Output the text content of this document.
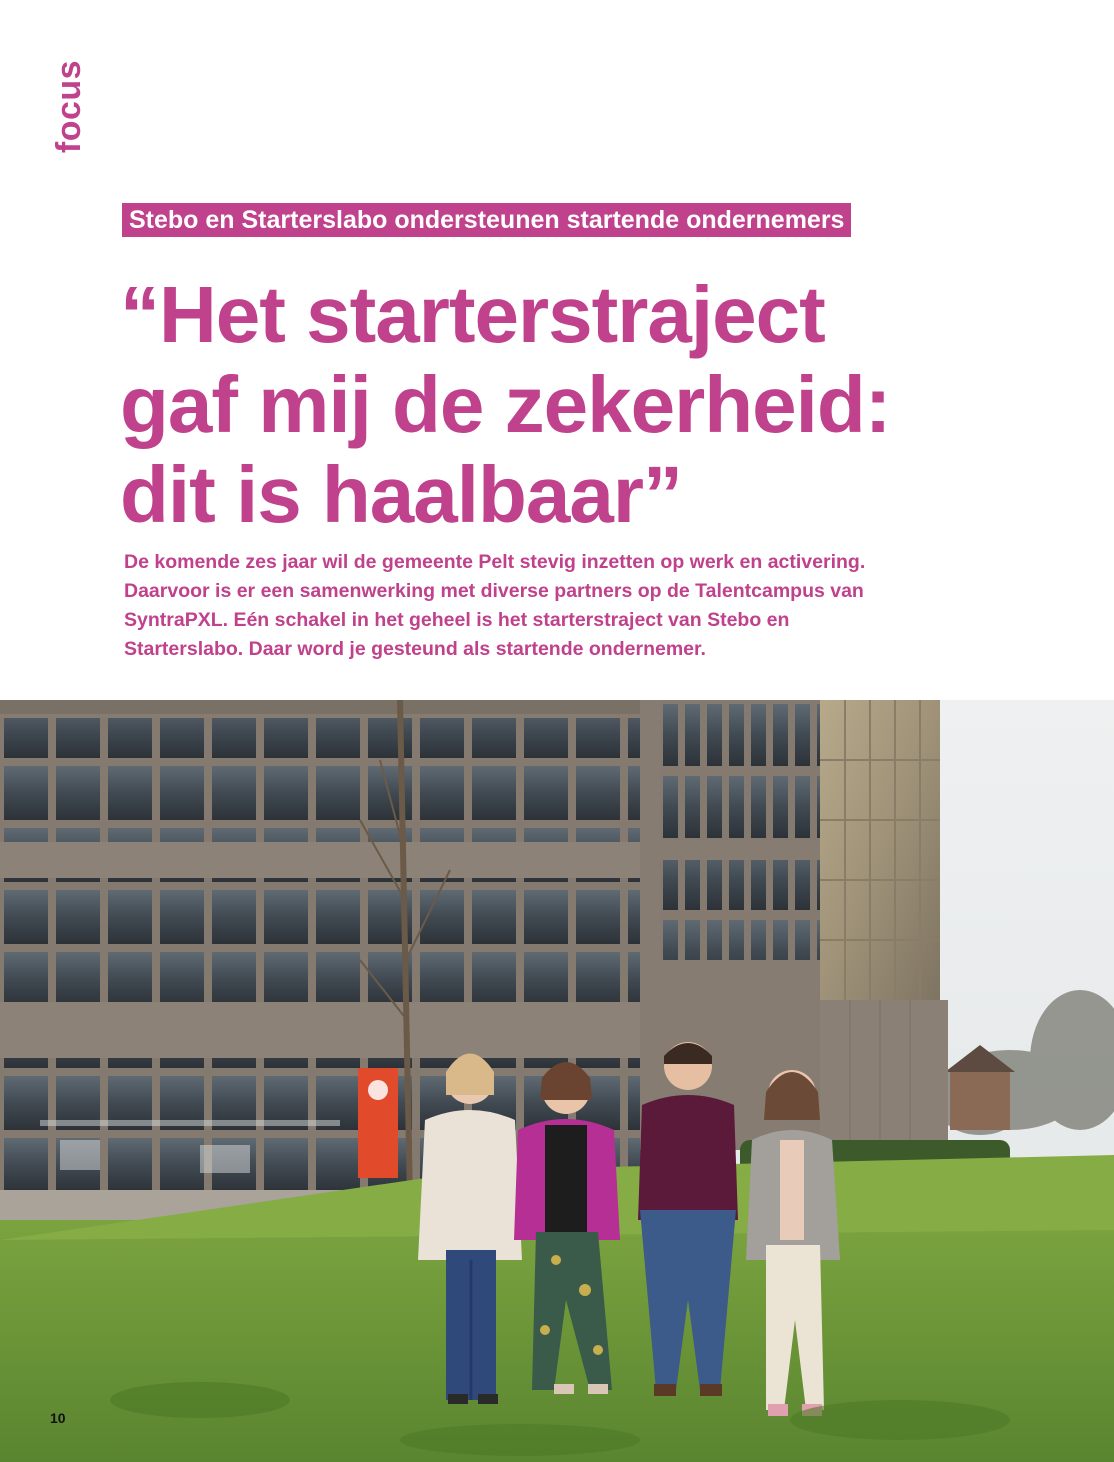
focus
Stebo en Starterslabo ondersteunen startende ondernemers
“Het starterstraject
gaf mij de zekerheid:
dit is haalbaar”

De komende zes jaar wil de gemeente Pelt stevig inzetten op werk en activering.
Daarvoor is er een samenwerking met diverse partners op de Talentcampus van
SyntraPXL. Eén schakel in het geheel is het starterstraject van Stebo en
Starterslabo. Daar word je gesteund als startende ondernemer.

10
